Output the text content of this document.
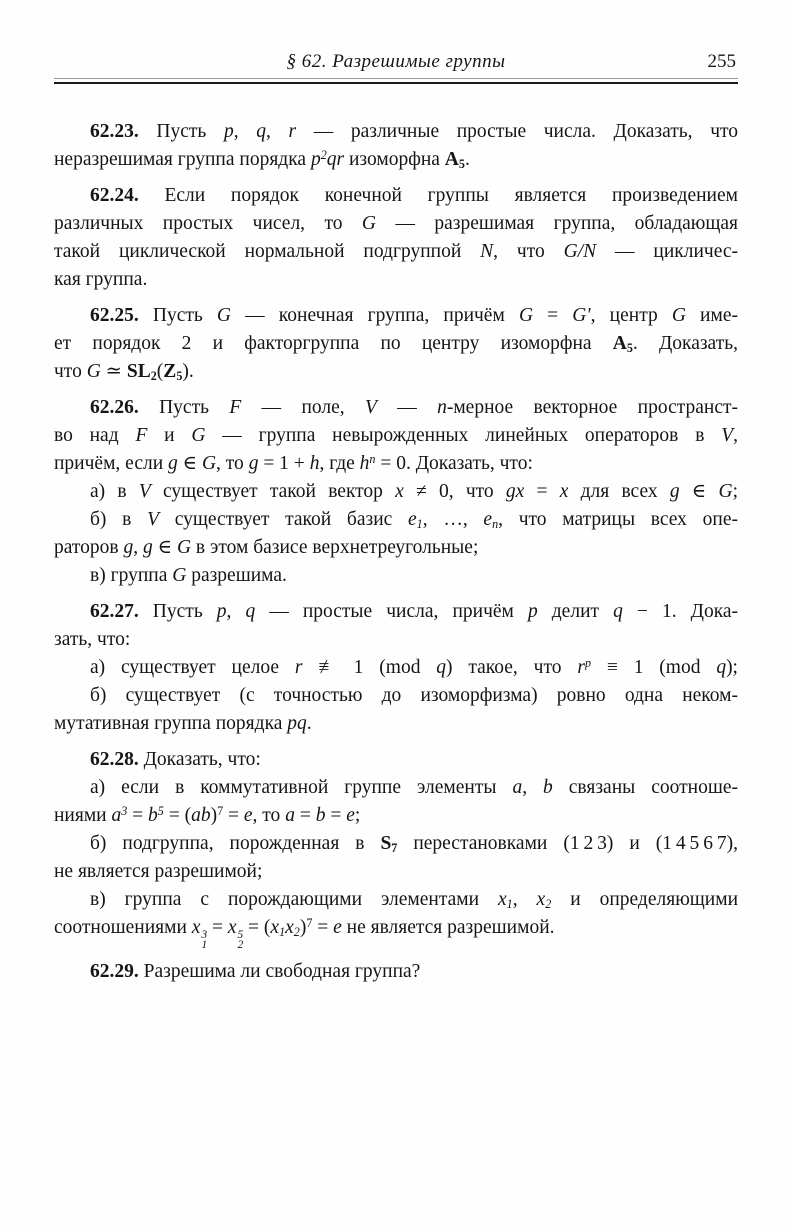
§ 62. Разрешимые группы	255
62.23. Пусть p, q, r — различные простые числа. Доказать, что
неразрешимая группа порядка $p^2qr$ изоморфна $A_5$.
62.24. Если порядок конечной группы является произведением
различных простых чисел, то G — разрешимая группа, обладающая
такой циклической нормальной подгруппой N, что G/N — цикличес-
кая группа.
62.25. Пусть G — конечная группа, причём G = G′, центр G име-
ет порядок 2 и факторгруппа по центру изоморфна $A_5$. Доказать,
что G ≃ $SL_2(Z_5)$.
62.26. Пусть F — поле, V — n-мерное векторное пространст-
во над F и G — группа невырожденных линейных операторов в V,
причём, если g ∈ G, то g = 1 + h, где $h^n = 0$. Доказать, что:
а) в V существует такой вектор x ≠ 0, что gx = x для всех g ∈ G;
б) в V существует такой базис $e_1$, …, $e_n$, что матрицы всех опе-
раторов g, g ∈ G в этом базисе верхнетреугольные;
в) группа G разрешима.
62.27. Пусть p, q — простые числа, причём p делит q − 1. Дока-
зать, что:
а) существует целое r ≢ 1 (mod q) такое, что $r^p \equiv 1$ (mod q);
б) существует (с точностью до изоморфизма) ровно одна неком-
мутативная группа порядка pq.
62.28. Доказать, что:
а) если в коммутативной группе элементы a, b связаны соотноше-
ниями $a^3 = b^5 = (ab)^7 = e$, то a = b = e;
б) подгруппа, порожденная в $S_7$ перестановками (1 2 3) и (1 4 5 6 7),
не является разрешимой;
в) группа с порождающими элементами $x_1$, $x_2$ и определяющими
соотношениями x 3
1
= x 5
2
= $(x_1x_2)^7 = e$ не является разрешимой.
62.29. Разрешима ли свободная группа?
